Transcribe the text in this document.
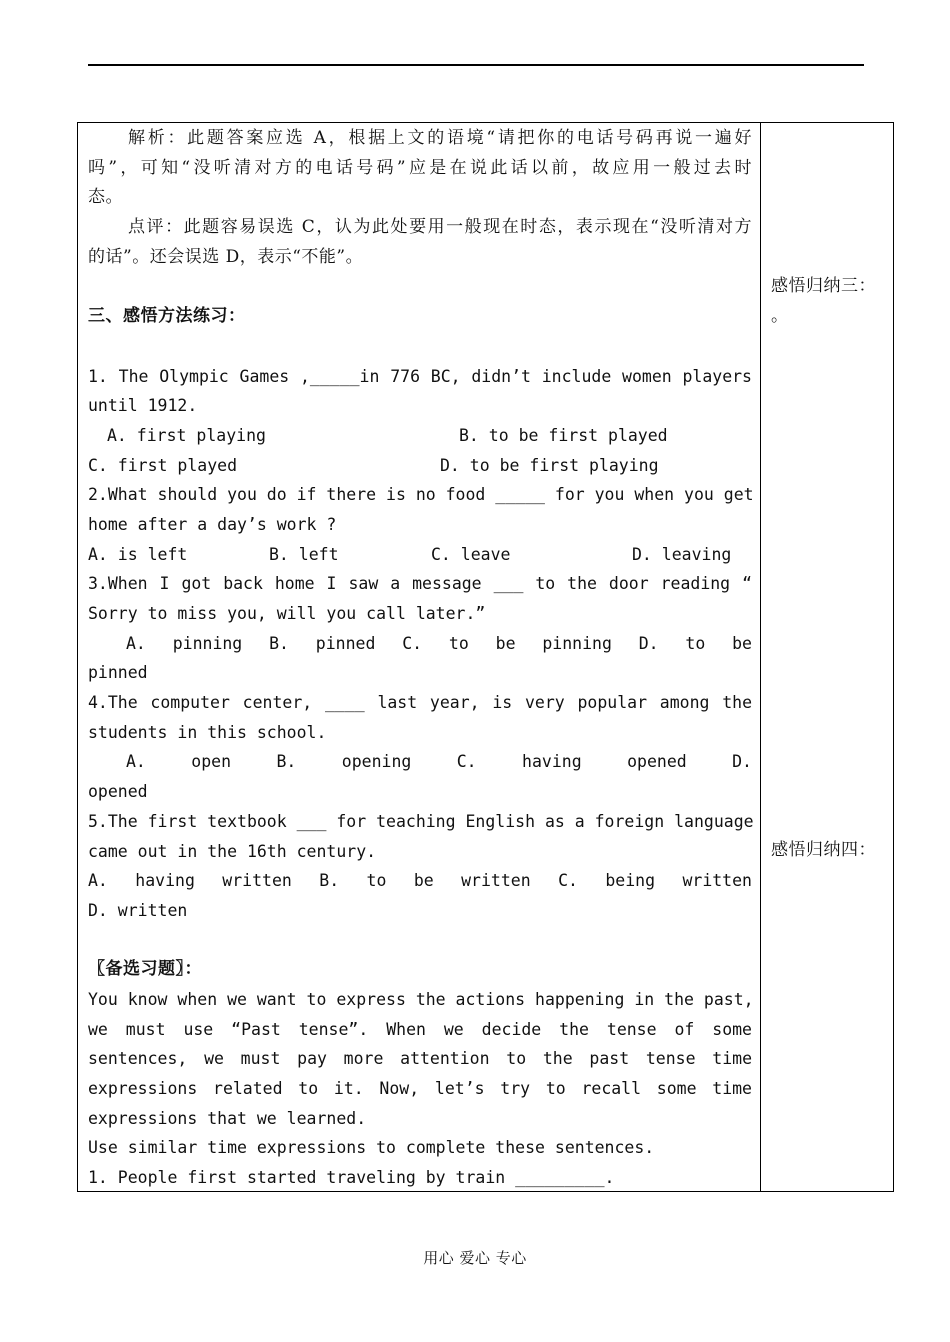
解析：此题答案应选 A，根据上文的语境“请把你的电话号码再说一遍好
吗”，可知“没听清对方的电话号码”应是在说此话以前，故应用一般过去时
态。
点评：此题容易误选 C，认为此处要用一般现在时态，表示现在“没听清对方
的话”。还会误选 D，表示“不能”。
三、感悟方法练习：
1. The Olympic Games ,_____in 776 BC, didn’t include women players
until 1912.
A. first playing	B. to be first played
C. first played	D. to be first playing
2.What should you do if there is no food _____ for you when you get
home after a day’s work ?
A. is left	B. left	C. leave	D. leaving
3.When I got back home I saw a message ___ to the door reading “
Sorry to miss you, will you call later.”
A. pinning B. pinned C. to be pinning D. to be
pinned
4.The computer center, ____ last year, is very popular among the
students in this school.
A. open B. opening C. having opened D.
opened
5.The first textbook ___ for teaching English as a foreign language
came out in the 16th century.
A. having written B. to be written C. being written
D. written
〖备选习题〗：
You know when we want to express the actions happening in the past,
we must use “Past tense”. When we decide the tense of some
sentences, we must pay more attention to the past tense time
expressions related to it. Now, let’s try to recall some time
expressions that we learned.
Use similar time expressions to complete these sentences.
1. People first started traveling by train _________.
感悟归纳三：
。
感悟归纳四：
用心 爱心 专心
